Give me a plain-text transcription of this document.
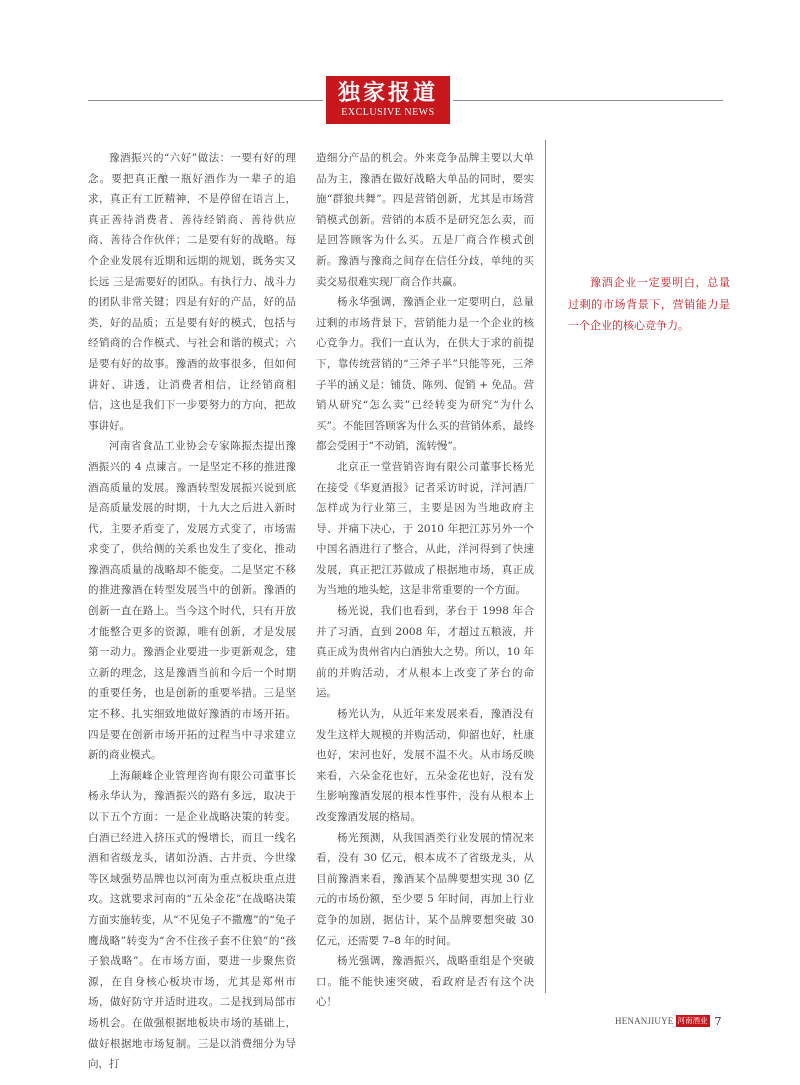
独家报道
EXCLUSIVE NEWS

豫酒振兴的“六好”做法：一要有好的理念。要把真正酿一瓶好酒作为一辈子的追求，真正有工匠精神，不是停留在语言上，真正善待消费者、善待经销商、善待供应商、善待合作伙伴；二是要有好的战略。每个企业发展有近期和远期的规划，既务实又长远 三是需要好的团队。有执行力、战斗力的团队非常关键；四是有好的产品，好的品类，好的品质；五是要有好的模式，包括与经销商的合作模式、与社会和谐的模式；六是要有好的故事。豫酒的故事很多，但如何讲好、讲透，让消费者相信，让经销商相信，这也是我们下一步要努力的方向，把故事讲好。

河南省食品工业协会专家陈振杰提出豫酒振兴的 4 点谏言。一是坚定不移的推进豫酒高质量的发展。豫酒转型发展振兴说到底是高质量发展的时期，十九大之后进入新时代，主要矛盾变了，发展方式变了，市场需求变了，供给侧的关系也发生了变化，推动豫酒高质量的战略却不能变。二是坚定不移的推进豫酒在转型发展当中的创新。豫酒的创新一直在路上。当今这个时代，只有开放才能整合更多的资源，唯有创新，才是发展第一动力。豫酒企业要进一步更新观念，建立新的理念，这是豫酒当前和今后一个时期的重要任务，也是创新的重要举措。三是坚定不移、扎实细致地做好豫酒的市场开拓。四是要在创新市场开拓的过程当中寻求建立新的商业模式。

上海颠峰企业管理咨询有限公司董事长杨永华认为，豫酒振兴的路有多远，取决于以下五个方面：一是企业战略决策的转变。白酒已经进入挤压式的慢增长，而且一线名酒和省级龙头，诸如汾酒、古井贡、今世缘等区域强势品牌也以河南为重点板块重点进攻。这就要求河南的“五朵金花”在战略决策方面实施转变，从“不见兔子不撒鹰”的“兔子鹰战略”转变为“舍不住孩子套不住狼”的“孩子狼战略”。在市场方面，要进一步聚焦资源，在自身核心板块市场，尤其是郑州市场，做好防守并适时进攻。二是找到局部市场机会。在做强根据地板块市场的基础上，做好根据地市场复制。三是以消费细分为导向，打

造细分产品的机会。外来竞争品牌主要以大单品为主，豫酒在做好战略大单品的同时，要实施“群狼共舞”。四是营销创新，尤其是市场营销模式创新。营销的本质不是研究怎么卖，而是回答顾客为什么买。五是厂商合作模式创新。豫酒与豫商之间存在信任分歧，单纯的买卖交易很难实现厂商合作共赢。

杨永华强调，豫酒企业一定要明白，总量过剩的市场背景下，营销能力是一个企业的核心竞争力。我们一直认为，在供大于求的前提下，靠传统营销的“三斧子半”只能等死，三斧子半的涵义是：铺货、陈列、促销 + 免品。营销从研究“怎么卖”已经转变为研究“为什么买”。不能回答顾客为什么买的营销体系，最终都会受困于“不动销，流转慢”。

北京正一堂营销咨询有限公司董事长杨光在接受《华夏酒报》记者采访时说，洋河酒厂怎样成为行业第三，主要是因为当地政府主导、并痛下决心，于 2010 年把江苏另外一个中国名酒进行了整合，从此，洋河得到了快速发展，真正把江苏做成了根据地市场，真正成为当地的地头蛇，这是非常重要的一个方面。

杨光说，我们也看到，茅台于 1998 年合并了习酒，直到 2008 年，才超过五粮液，并真正成为贵州省内白酒独大之势。所以，10 年前的并购活动，才从根本上改变了茅台的命运。

杨光认为，从近年来发展来看，豫酒没有发生这样大规模的并购活动，仰韶也好，杜康也好，宋河也好，发展不温不火。从市场反映来看，六朵金花也好，五朵金花也好，没有发生影响豫酒发展的根本性事件，没有从根本上改变豫酒发展的格局。

杨光预测，从我国酒类行业发展的情况来看，没有 30 亿元，根本成不了省级龙头，从目前豫酒来看，豫酒某个品牌要想实现 30 亿元的市场份额，至少要 5 年时间，再加上行业竞争的加剧，据估计，某个品牌要想突破 30 亿元，还需要 7–8 年的时间。

杨光强调，豫酒振兴，战略重组是个突破口。能不能快速突破，看政府是否有这个决心！

豫酒企业一定要明白，总量过剩的市场背景下，营销能力是一个企业的核心竞争力。

HENANJIUYE 河南酒业 7
